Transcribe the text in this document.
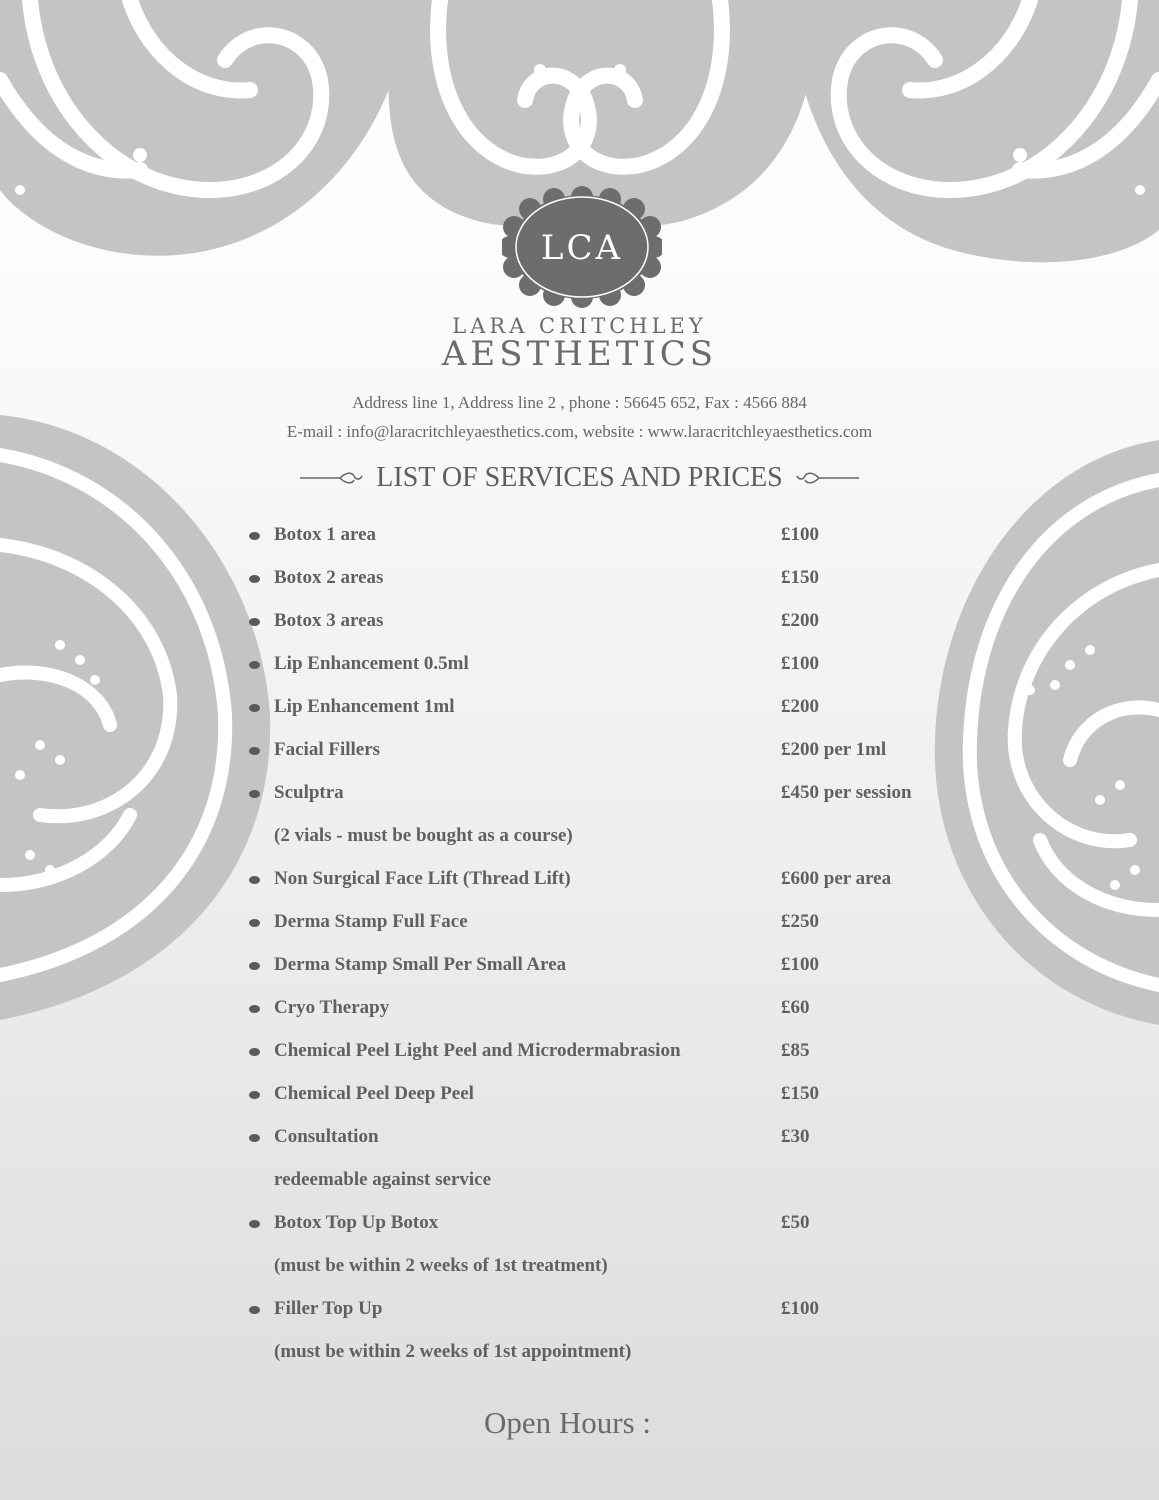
LCA
LARA CRITCHLEY
AESTHETICS
Address line 1, Address line 2 , phone : 56645 652, Fax : 4566 884
E-mail : info@laracritchleyaesthetics.com, website : www.laracritchleyaesthetics.com
LIST OF SERVICES AND PRICES
Botox 1 area	£100
Botox 2 areas	£150
Botox 3 areas	£200
Lip Enhancement 0.5ml	£100
Lip Enhancement 1ml	£200
Facial Fillers	£200 per 1ml
Sculptra	£450 per session
(2 vials - must be bought as a course)
Non Surgical Face Lift (Thread Lift)	£600 per area
Derma Stamp Full Face	£250
Derma Stamp Small Per Small Area	£100
Cryo Therapy	£60
Chemical Peel Light Peel and Microdermabrasion	£85
Chemical Peel Deep Peel	£150
Consultation	£30
redeemable against service
Botox Top Up Botox	£50
(must be within 2 weeks of 1st treatment)
Filler Top Up	£100
(must be within 2 weeks of 1st appointment)
Open Hours :
